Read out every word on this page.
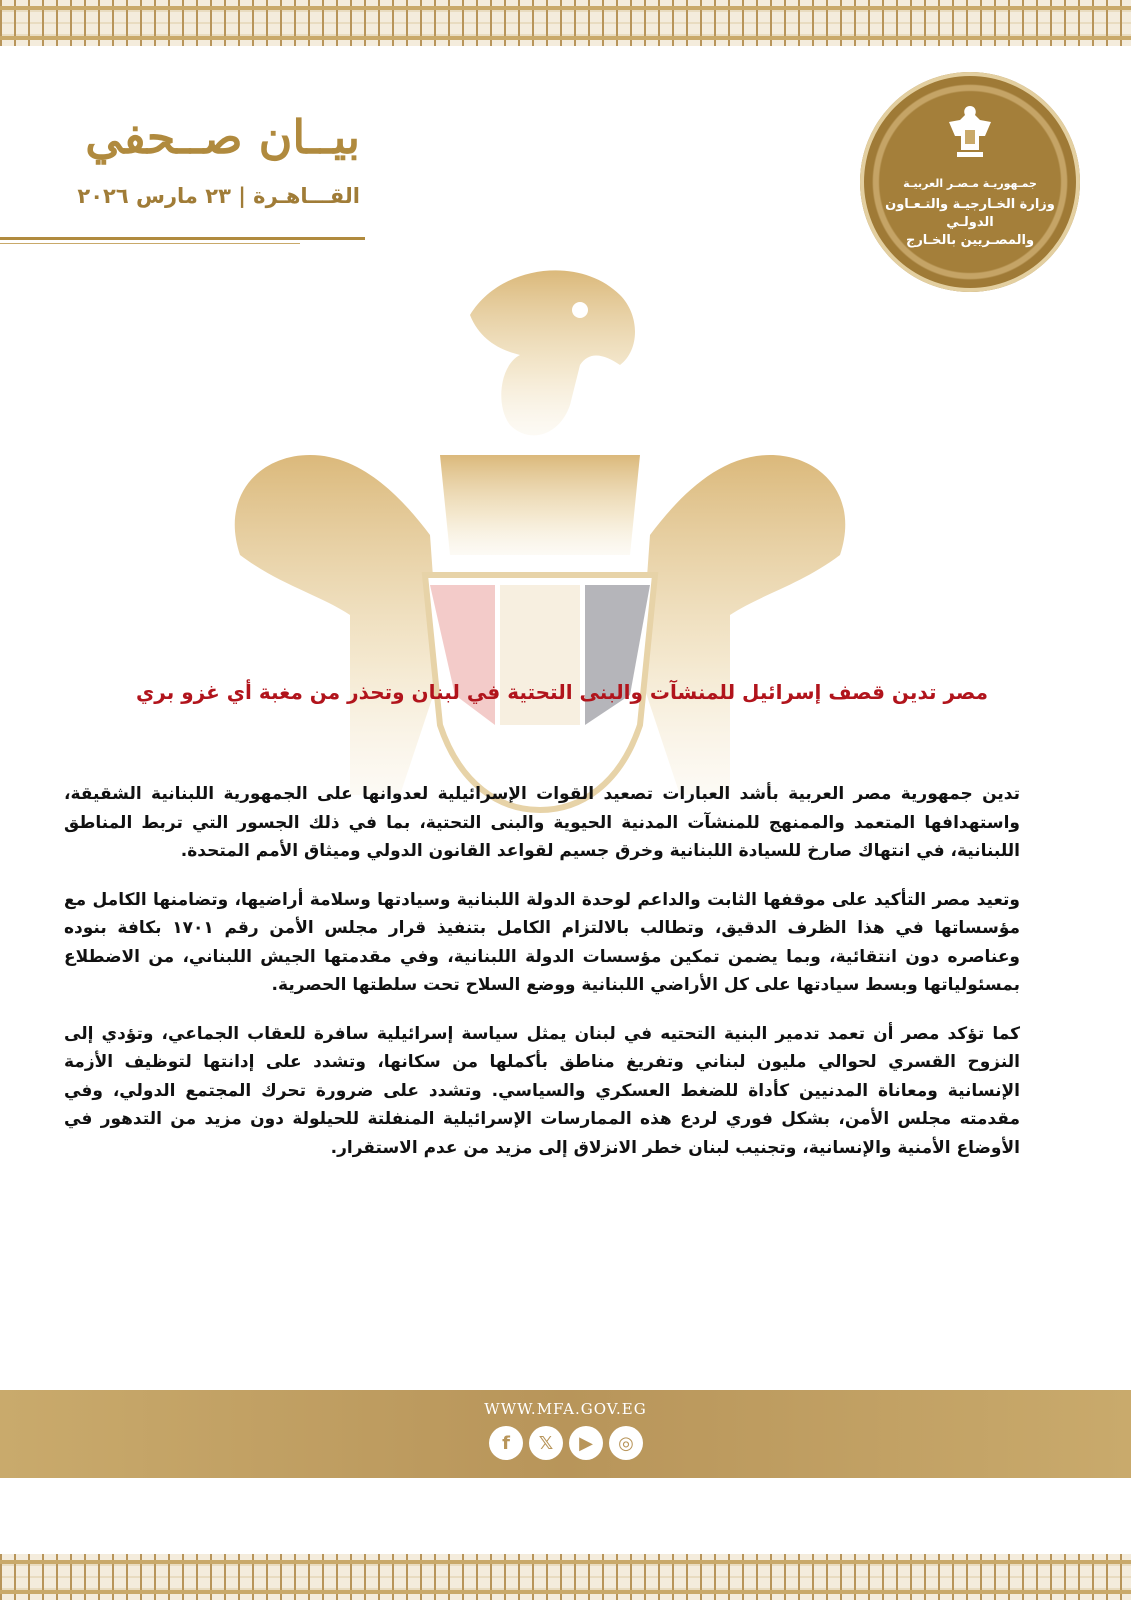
بيــان صــحفي
القـــاهـرة | ٢٣ مارس ٢٠٢٦
جمـهوريـة مـصـر العربيـة
وزارة الخـارجيـة والتـعـاون الدولـي
والمصـريين بالخـارج
مصر تدين قصف إسرائيل للمنشآت والبنى التحتية في لبنان وتحذر من مغبة أي غزو بري

تدين جمهورية مصر العربية بأشد العبارات تصعيد القوات الإسرائيلية لعدوانها على الجمهورية اللبنانية الشقيقة، واستهدافها المتعمد والممنهج للمنشآت المدنية الحيوية والبنى التحتية، بما في ذلك الجسور التي تربط المناطق اللبنانية، في انتهاك صارخ للسيادة اللبنانية وخرق جسيم لقواعد القانون الدولي وميثاق الأمم المتحدة.

وتعيد مصر التأكيد على موقفها الثابت والداعم لوحدة الدولة اللبنانية وسيادتها وسلامة أراضيها، وتضامنها الكامل مع مؤسساتها في هذا الظرف الدقيق، وتطالب بالالتزام الكامل بتنفيذ قرار مجلس الأمن رقم ١٧٠١ بكافة بنوده وعناصره دون انتقائية، وبما يضمن تمكين مؤسسات الدولة اللبنانية، وفي مقدمتها الجيش اللبناني، من الاضطلاع بمسئولياتها وبسط سيادتها على كل الأراضي اللبنانية ووضع السلاح تحت سلطتها الحصرية.

كما تؤكد مصر أن تعمد تدمير البنية التحتيه في لبنان يمثل سياسة إسرائيلية سافرة للعقاب الجماعي، وتؤدي إلى النزوح القسري لحوالي مليون لبناني وتفريغ مناطق بأكملها من سكانها، وتشدد على إدانتها لتوظيف الأزمة الإنسانية ومعاناة المدنيين كأداة للضغط العسكري والسياسي. وتشدد على ضرورة تحرك المجتمع الدولي، وفي مقدمته مجلس الأمن، بشكل فوري لردع هذه الممارسات الإسرائيلية المنفلتة للحيلولة دون مزيد من التدهور في الأوضاع الأمنية والإنسانية، وتجنيب لبنان خطر الانزلاق إلى مزيد من عدم الاستقرار.

WWW.MFA.GOV.EG
f	𝕏	▶	◎
